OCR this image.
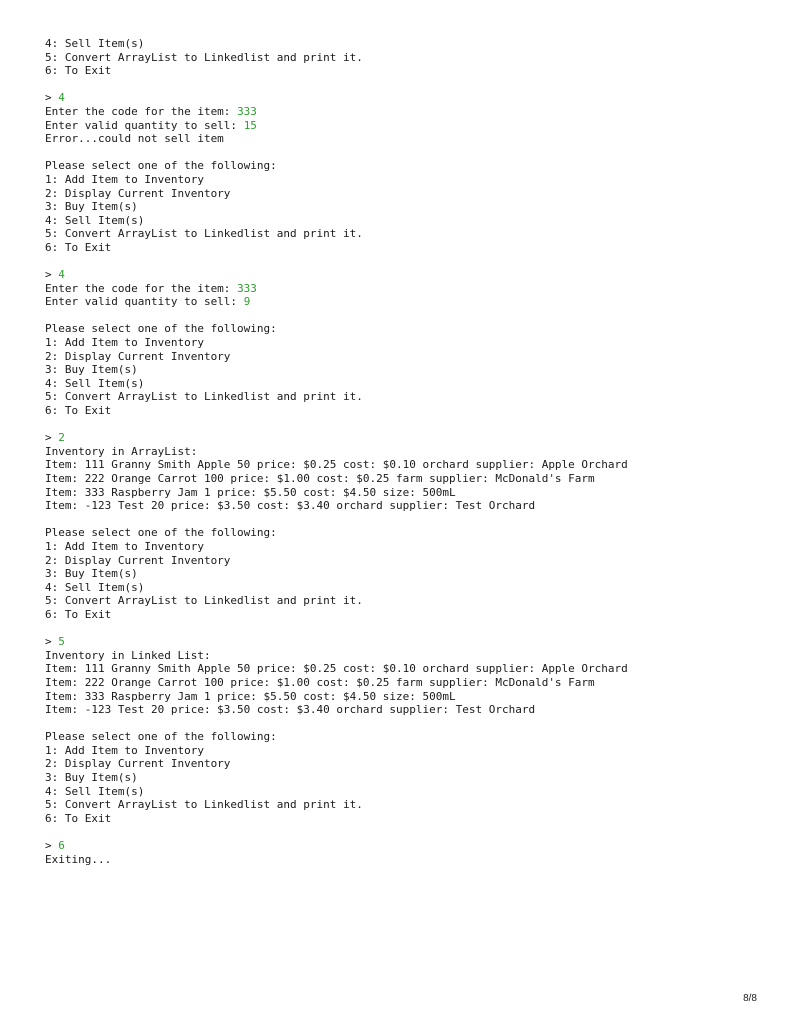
4: Sell Item(s)
5: Convert ArrayList to Linkedlist and print it.
6: To Exit
> 4
Enter the code for the item: 333
Enter valid quantity to sell: 15
Error...could not sell item
Please select one of the following:
1: Add Item to Inventory
2: Display Current Inventory
3: Buy Item(s)
4: Sell Item(s)
5: Convert ArrayList to Linkedlist and print it.
6: To Exit
> 4
Enter the code for the item: 333
Enter valid quantity to sell: 9
Please select one of the following:
1: Add Item to Inventory
2: Display Current Inventory
3: Buy Item(s)
4: Sell Item(s)
5: Convert ArrayList to Linkedlist and print it.
6: To Exit
> 2
Inventory in ArrayList:
Item: 111 Granny Smith Apple 50 price: $0.25 cost: $0.10 orchard supplier: Apple Orchard
Item: 222 Orange Carrot 100 price: $1.00 cost: $0.25 farm supplier: McDonald's Farm
Item: 333 Raspberry Jam 1 price: $5.50 cost: $4.50 size: 500mL
Item: -123 Test 20 price: $3.50 cost: $3.40 orchard supplier: Test Orchard
Please select one of the following:
1: Add Item to Inventory
2: Display Current Inventory
3: Buy Item(s)
4: Sell Item(s)
5: Convert ArrayList to Linkedlist and print it.
6: To Exit
> 5
Inventory in Linked List:
Item: 111 Granny Smith Apple 50 price: $0.25 cost: $0.10 orchard supplier: Apple Orchard
Item: 222 Orange Carrot 100 price: $1.00 cost: $0.25 farm supplier: McDonald's Farm
Item: 333 Raspberry Jam 1 price: $5.50 cost: $4.50 size: 500mL
Item: -123 Test 20 price: $3.50 cost: $3.40 orchard supplier: Test Orchard
Please select one of the following:
1: Add Item to Inventory
2: Display Current Inventory
3: Buy Item(s)
4: Sell Item(s)
5: Convert ArrayList to Linkedlist and print it.
6: To Exit
> 6
Exiting...
8/8
